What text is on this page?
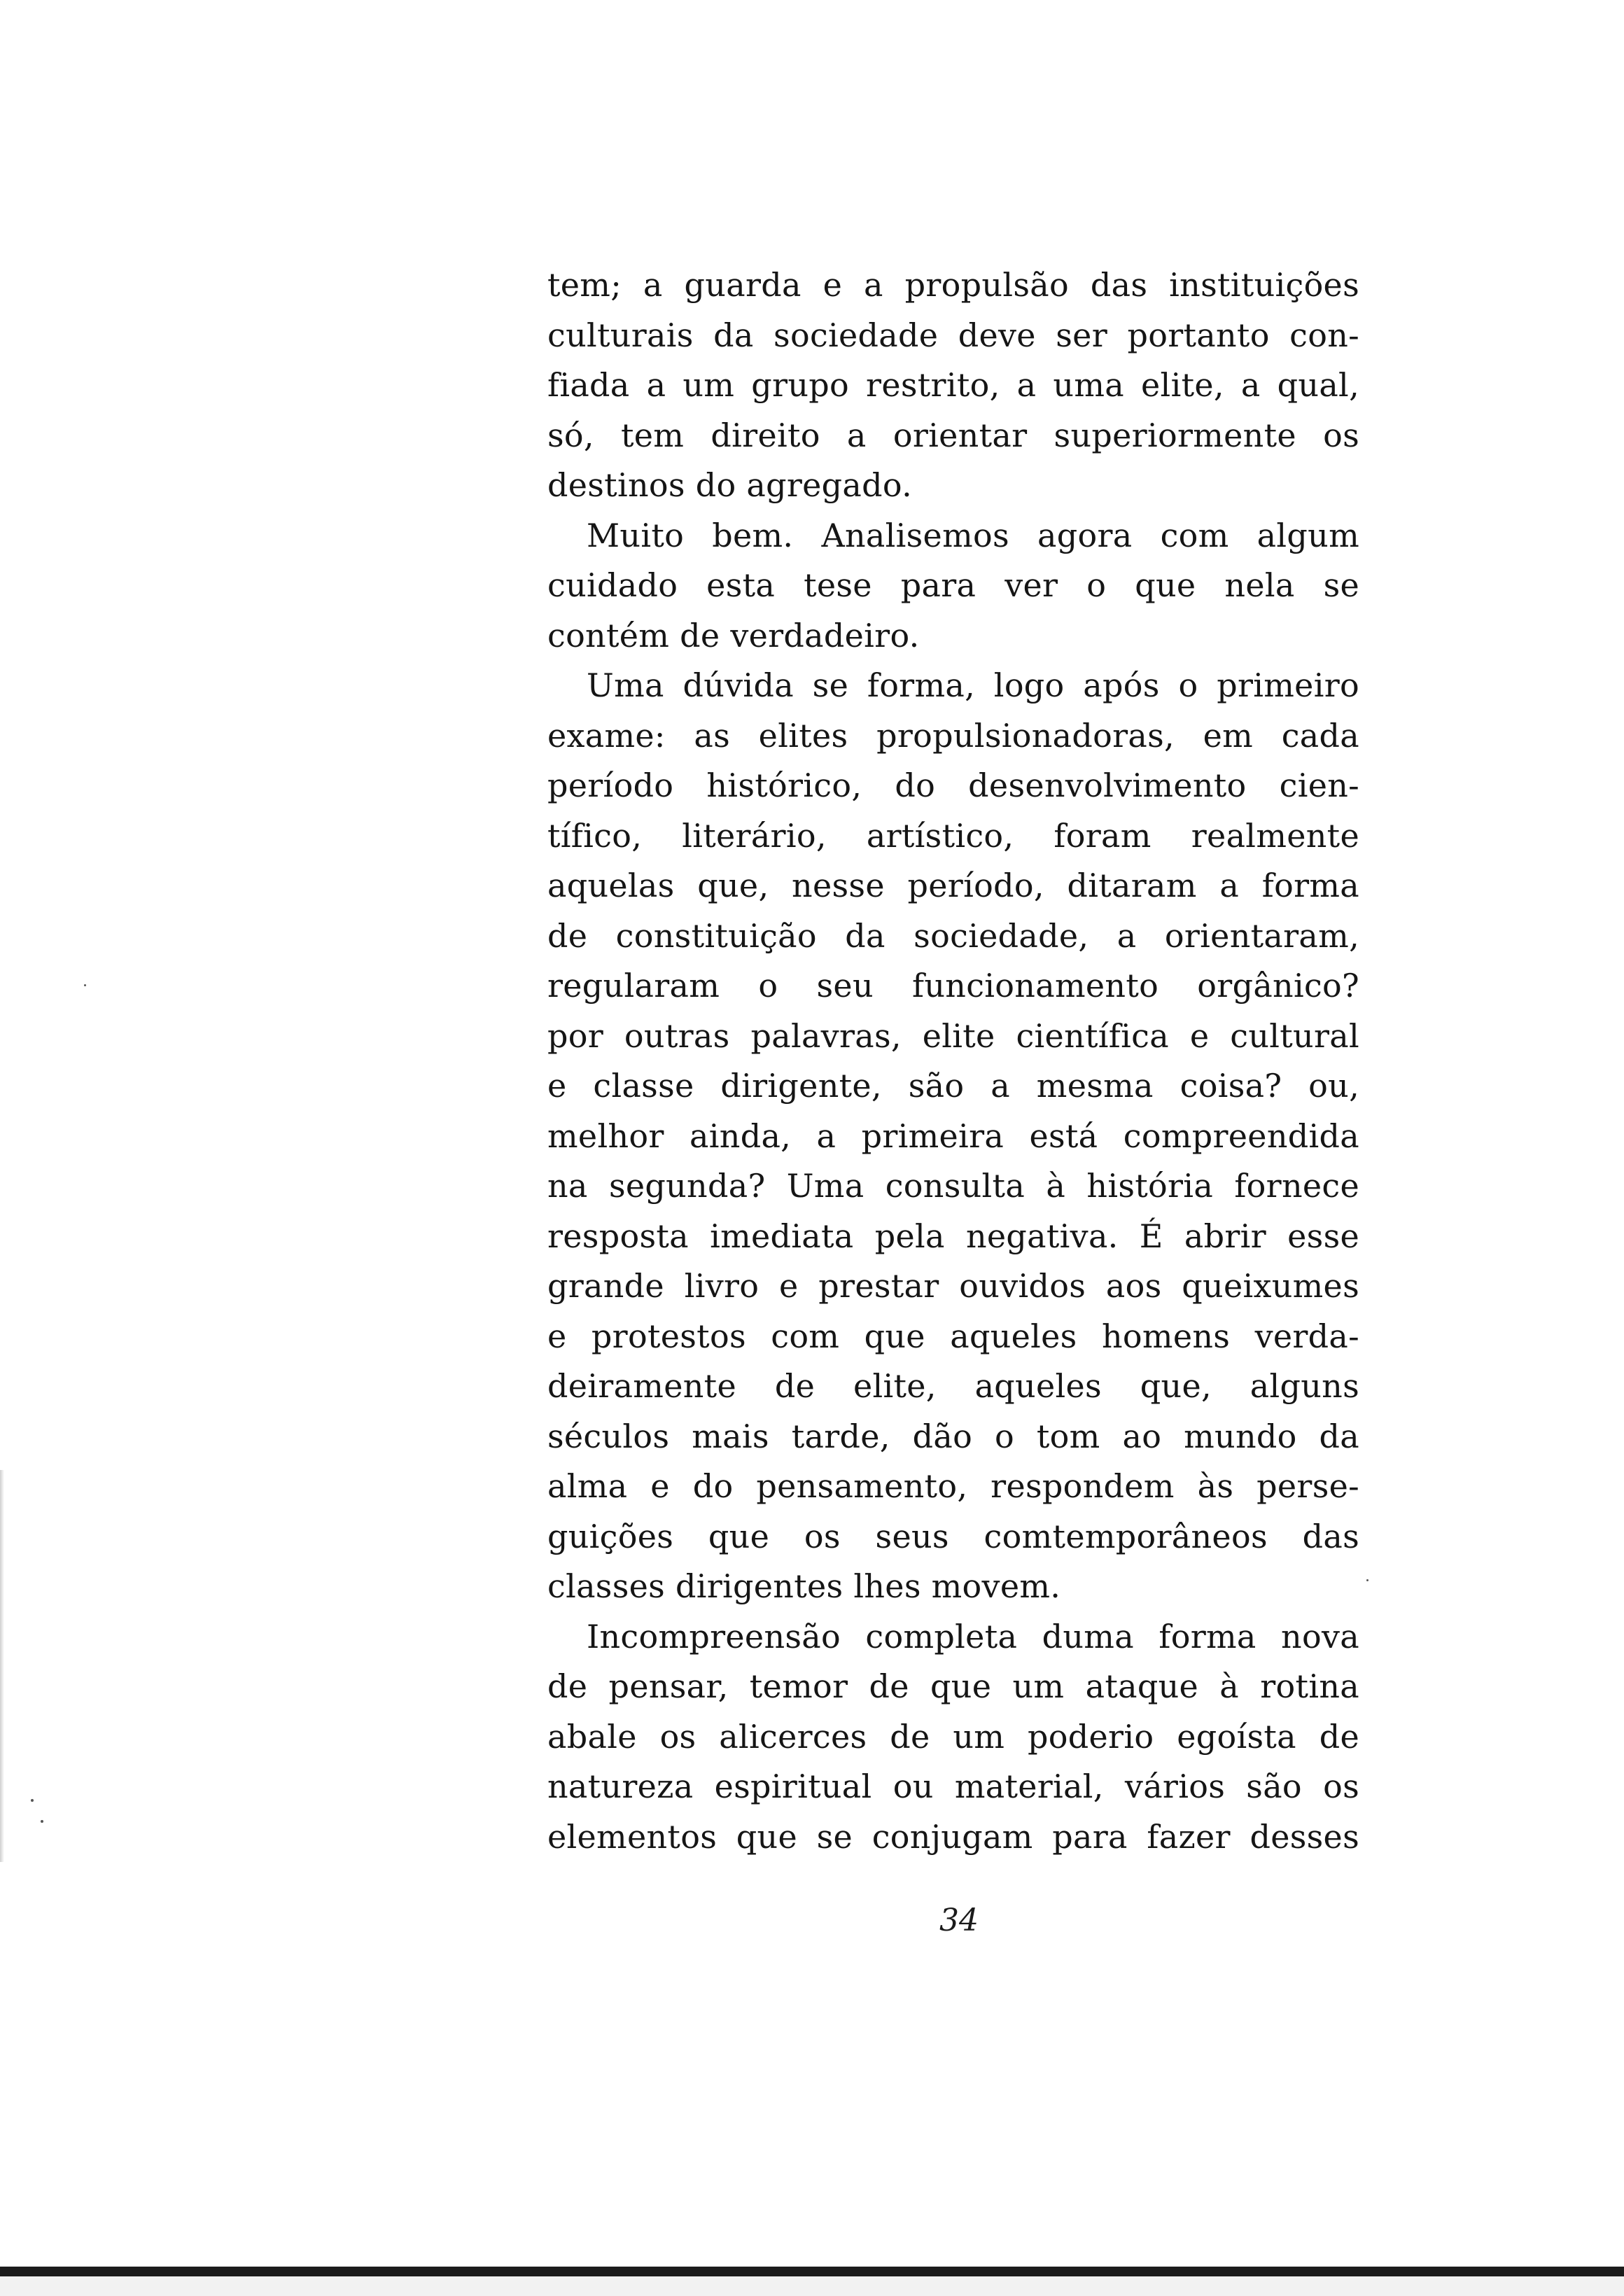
tem; a guarda e a propulsão das instituições
culturais da sociedade deve ser portanto con-
fiada a um grupo restrito, a uma elite, a qual,
só, tem direito a orientar superiormente os
destinos do agregado.
Muito bem. Analisemos agora com algum
cuidado esta tese para ver o que nela se
contém de verdadeiro.
Uma dúvida se forma, logo após o primeiro
exame: as elites propulsionadoras, em cada
período histórico, do desenvolvimento cien-
tífico, literário, artístico, foram realmente
aquelas que, nesse período, ditaram a forma
de constituição da sociedade, a orientaram,
regularam o seu funcionamento orgânico?
por outras palavras, elite científica e cultural
e classe dirigente, são a mesma coisa? ou,
melhor ainda, a primeira está compreendida
na segunda? Uma consulta à história fornece
resposta imediata pela negativa. É abrir esse
grande livro e prestar ouvidos aos queixumes
e protestos com que aqueles homens verda-
deiramente de elite, aqueles que, alguns
séculos mais tarde, dão o tom ao mundo da
alma e do pensamento, respondem às perse-
guições que os seus comtemporâneos das
classes dirigentes lhes movem.
Incompreensão completa duma forma nova
de pensar, temor de que um ataque à rotina
abale os alicerces de um poderio egoísta de
natureza espiritual ou material, vários são os
elementos que se conjugam para fazer desses
34
